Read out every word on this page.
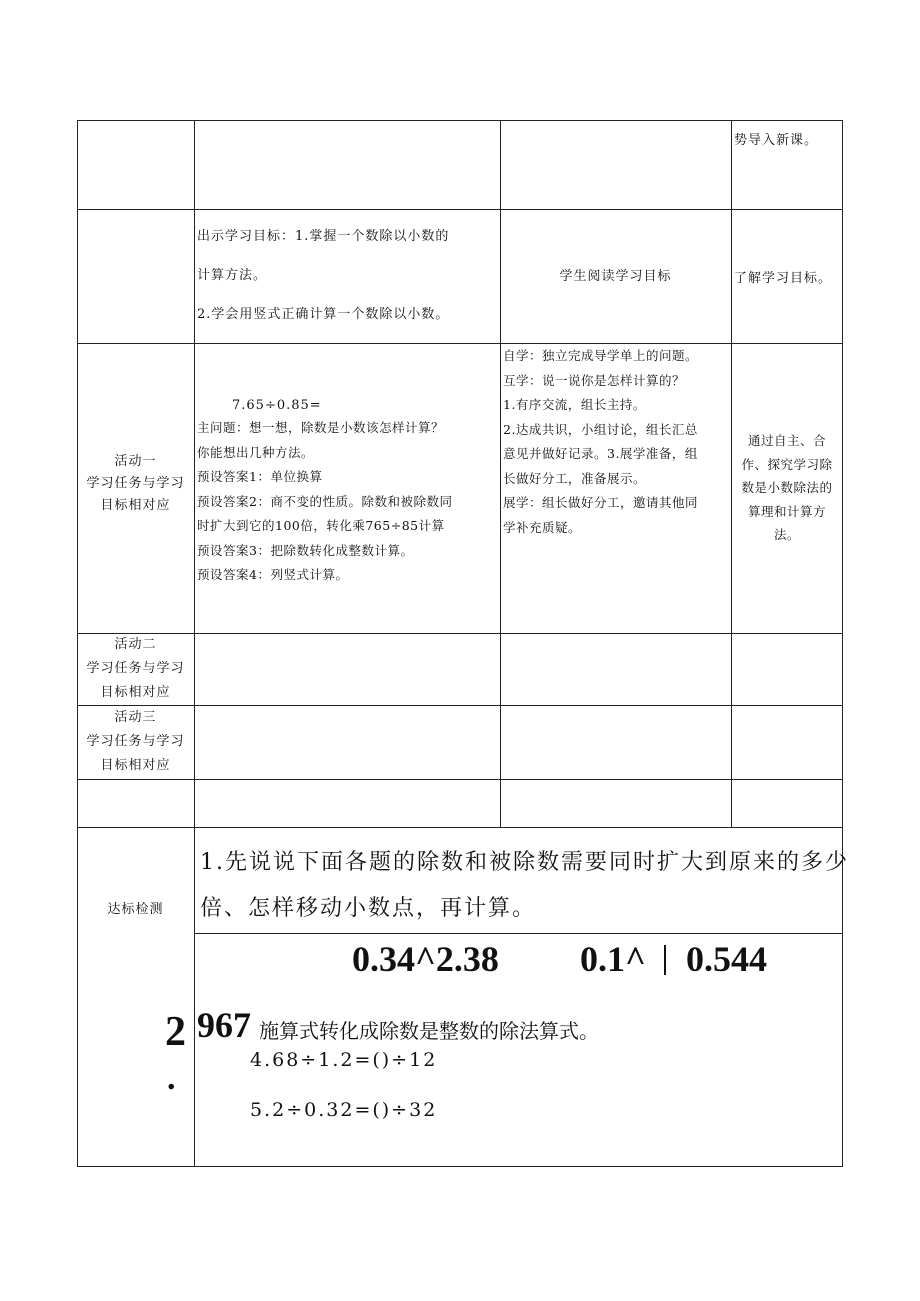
势导入新课。
出示学习目标：1.掌握一个数除以小数的
计算方法。
2.学会用竖式正确计算一个数除以小数。
学生阅读学习目标	了解学习目标。
活动一
学习任务与学习
目标相对应
7.65÷0.85=
主问题：想一想，除数是小数该怎样计算？
你能想出几种方法。
预设答案1：单位换算
预设答案2：商不变的性质。除数和被除数同
时扩大到它的100倍，转化乘765÷85计算
预设答案3：把除数转化成整数计算。
预设答案4：列竖式计算。
自学：独立完成导学单上的问题。
互学：说一说你是怎样计算的？
1.有序交流，组长主持。
2.达成共识，小组讨论，组长汇总
意见并做好记录。3.展学准备，组
长做好分工，准备展示。
展学：组长做好分工，邀请其他同
学补充质疑。
通过自主、合
作、探究学习除
数是小数除法的
算理和计算方
法。
活动二
学习任务与学习
目标相对应
活动三
学习任务与学习
目标相对应
达标检测
1.先说说下面各题的除数和被除数需要同时扩大到原来的多少
倍、怎样移动小数点，再计算。
0.34^2.38 0.1^ 0.544
2
.
967 施算式转化成除数是整数的除法算式。
4.68÷1.2=()÷12
5.2÷0.32=()÷32
